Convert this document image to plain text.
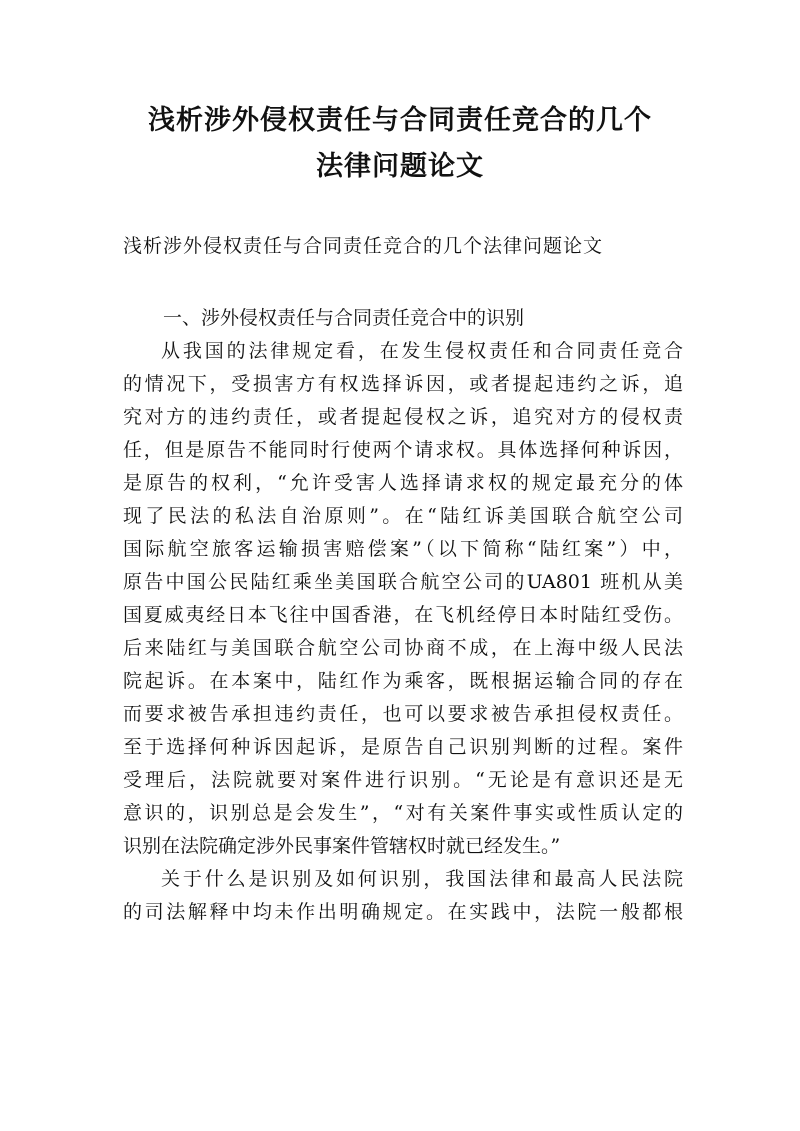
浅析涉外侵权责任与合同责任竞合的几个
法律问题论文

浅析涉外侵权责任与合同责任竞合的几个法律问题论文

一、涉外侵权责任与合同责任竞合中的识别
从我国的法律规定看，在发生侵权责任和合同责任竞合
的情况下，受损害方有权选择诉因，或者提起违约之诉，追
究对方的违约责任，或者提起侵权之诉，追究对方的侵权责
任，但是原告不能同时行使两个请求权。具体选择何种诉因，
是原告的权利，“允许受害人选择请求权的规定最充分的体
现了民法的私法自治原则”。在“陆红诉美国联合航空公司
国际航空旅客运输损害赔偿案”（以下简称“陆红案”）中，
原告中国公民陆红乘坐美国联合航空公司的UA801 班机从美
国夏威夷经日本飞往中国香港，在飞机经停日本时陆红受伤。
后来陆红与美国联合航空公司协商不成，在上海中级人民法
院起诉。在本案中，陆红作为乘客，既根据运输合同的存在
而要求被告承担违约责任，也可以要求被告承担侵权责任。
至于选择何种诉因起诉，是原告自己识别判断的过程。案件
受理后，法院就要对案件进行识别。“无论是有意识还是无
意识的，识别总是会发生”，“对有关案件事实或性质认定的
识别在法院确定涉外民事案件管辖权时就已经发生。”
关于什么是识别及如何识别，我国法律和最高人民法院
的司法解释中均未作出明确规定。在实践中，法院一般都根
